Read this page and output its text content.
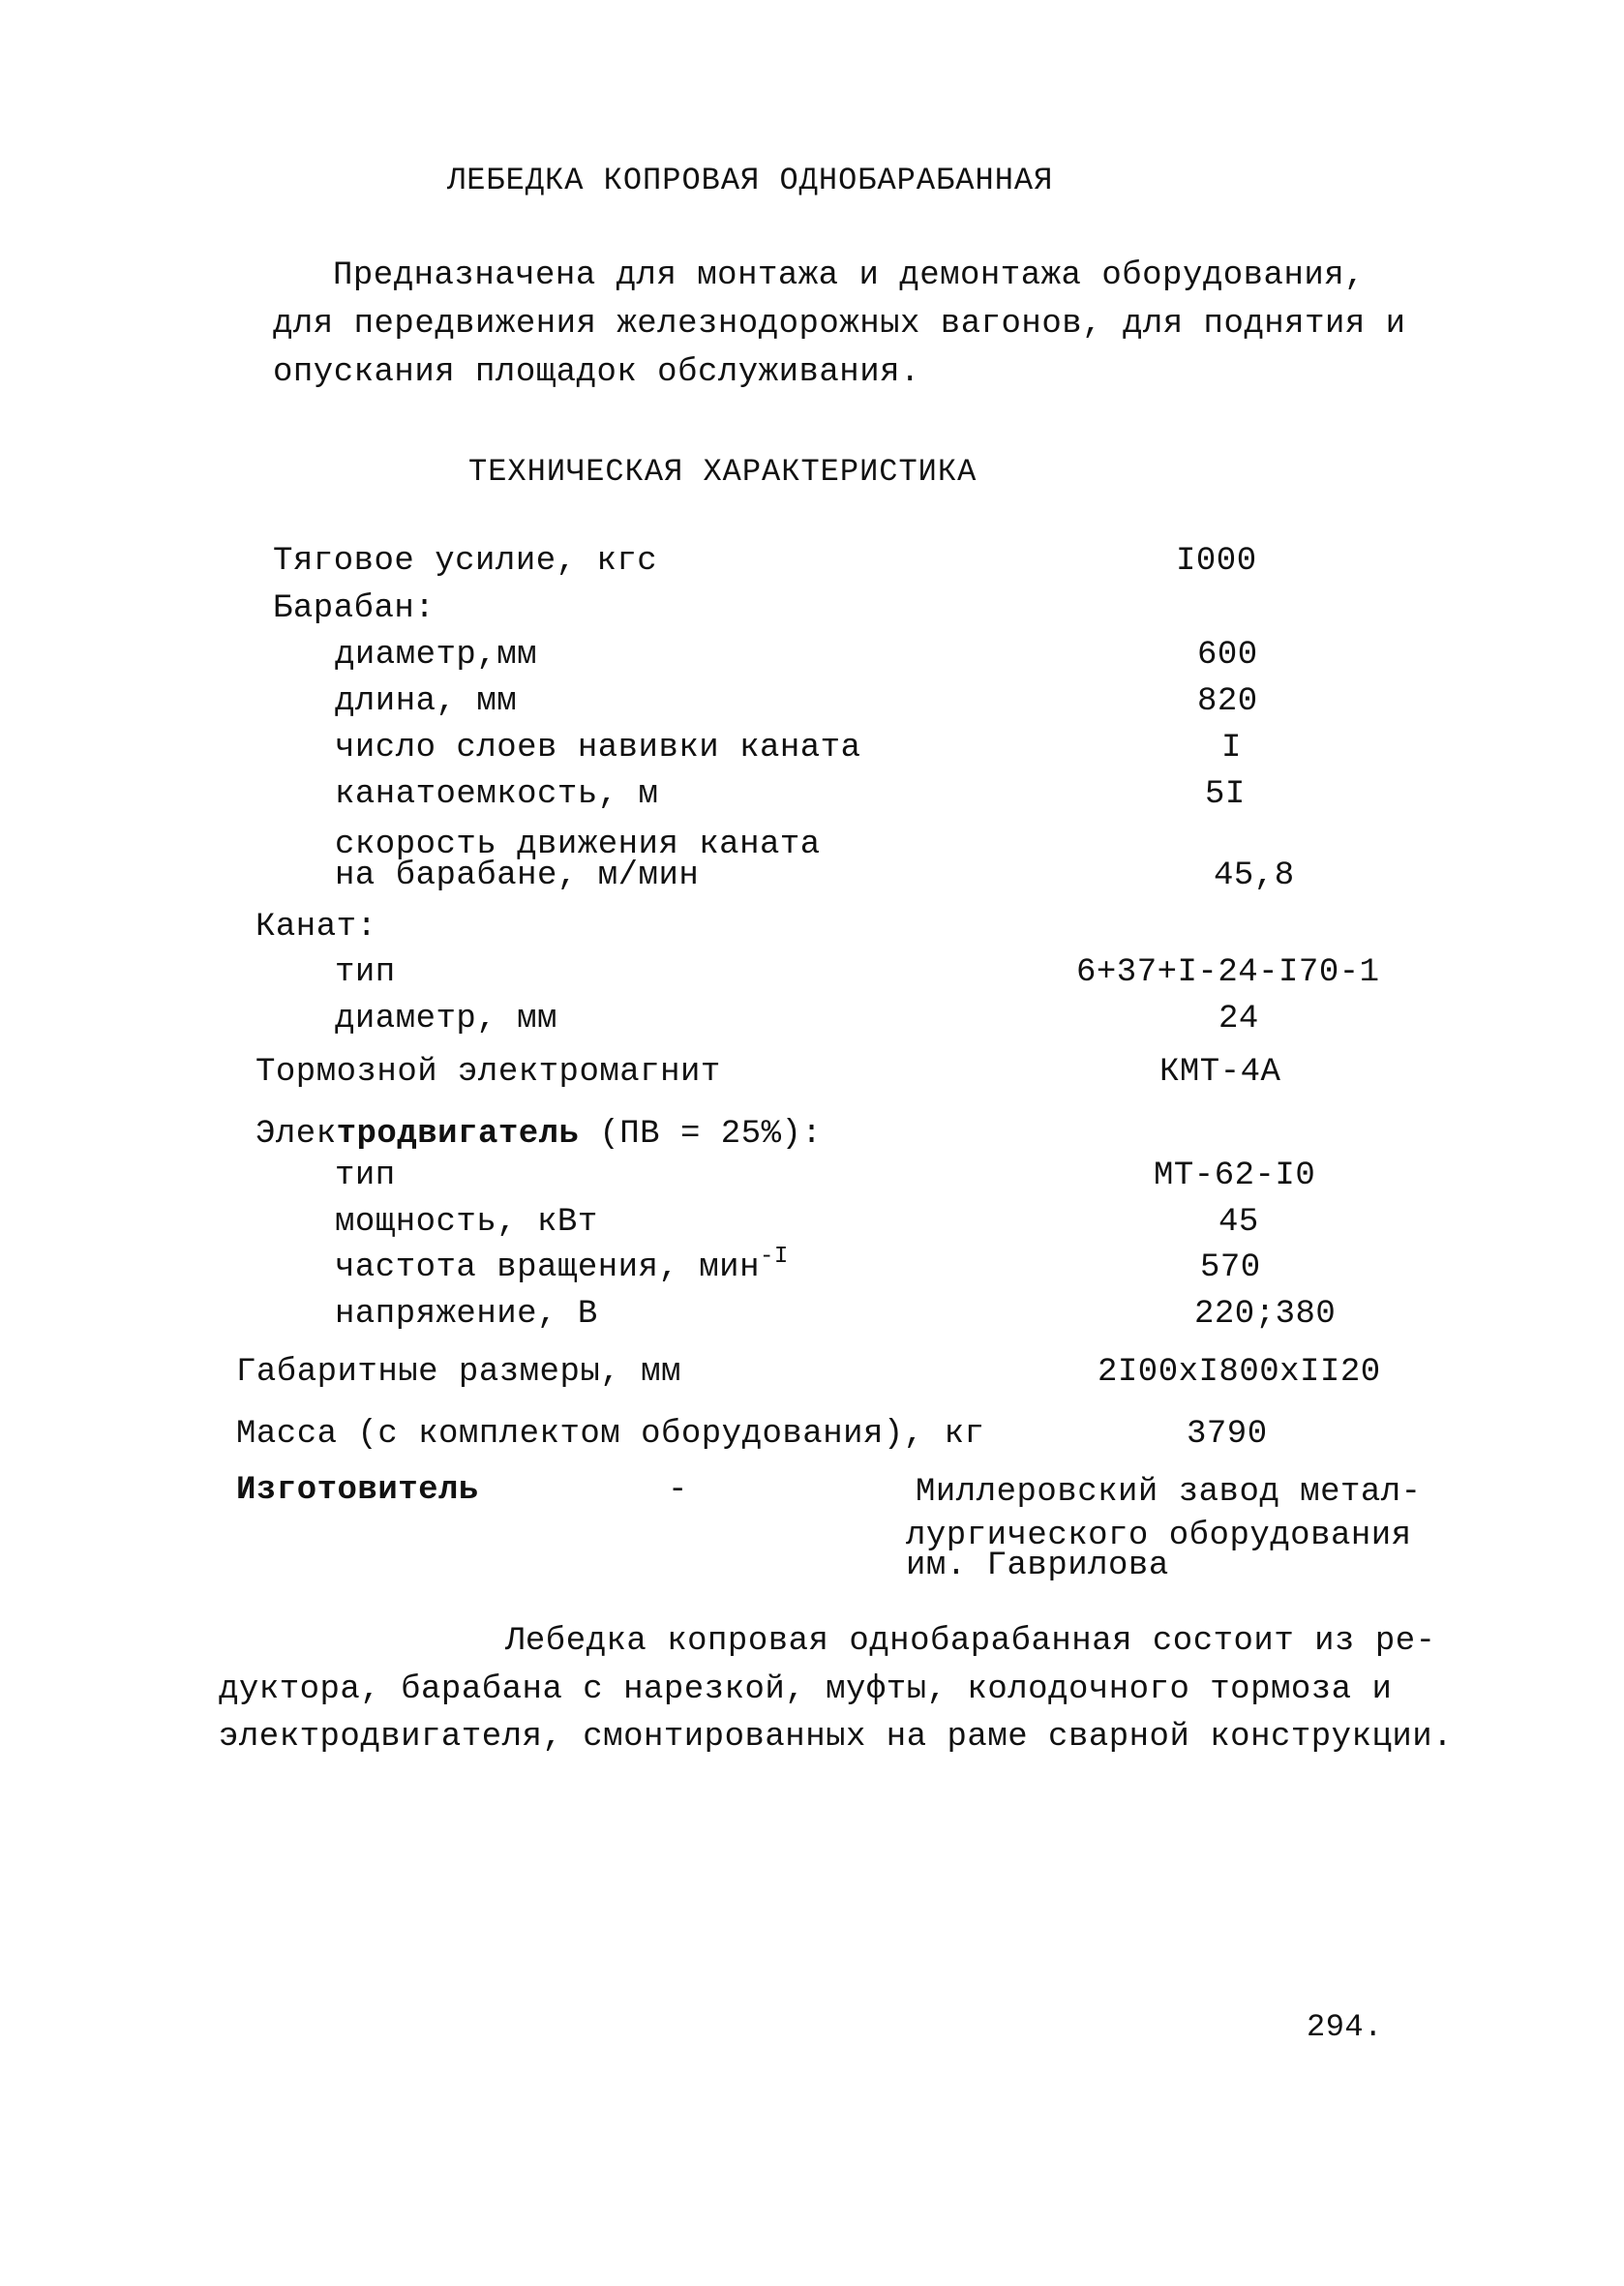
ЛЕБЕДКА КОПРОВАЯ ОДНОБАРАБАННАЯ
Предназначена для монтажа и демонтажа оборудования,
для передвижения железнодорожных вагонов, для поднятия и
опускания площадок обслуживания.
ТЕХНИЧЕСКАЯ ХАРАКТЕРИСТИКА
Тяговое усилие, кгс	I000
Барабан:
диаметр,мм	600
длина, мм	820
число слоев навивки каната	I
канатоемкость, м	5I
скорость движения каната
на барабане, м/мин	45,8
Канат:
тип	6+37+I-24-I70-1
диаметр, мм	24
Тормозной электромагнит	КМТ-4А
Электродвигатель (ПВ = 25%):
тип	МТ-62-I0
мощность, кВт	45
частота вращения, мин$^{-I}$	570
напряжение, В	220;380
Габаритные размеры, мм	2I00xI800xII20
Масса (с комплектом оборудования), кг	3790
Изготовитель	-	Миллеровский завод метал-
лургического оборудования
им. Гаврилова
Лебедка копровая однобарабанная состоит из ре-
дуктора, барабана с нарезкой, муфты, колодочного тормоза и
электродвигателя, смонтированных на раме сварной конструкции.
294.
